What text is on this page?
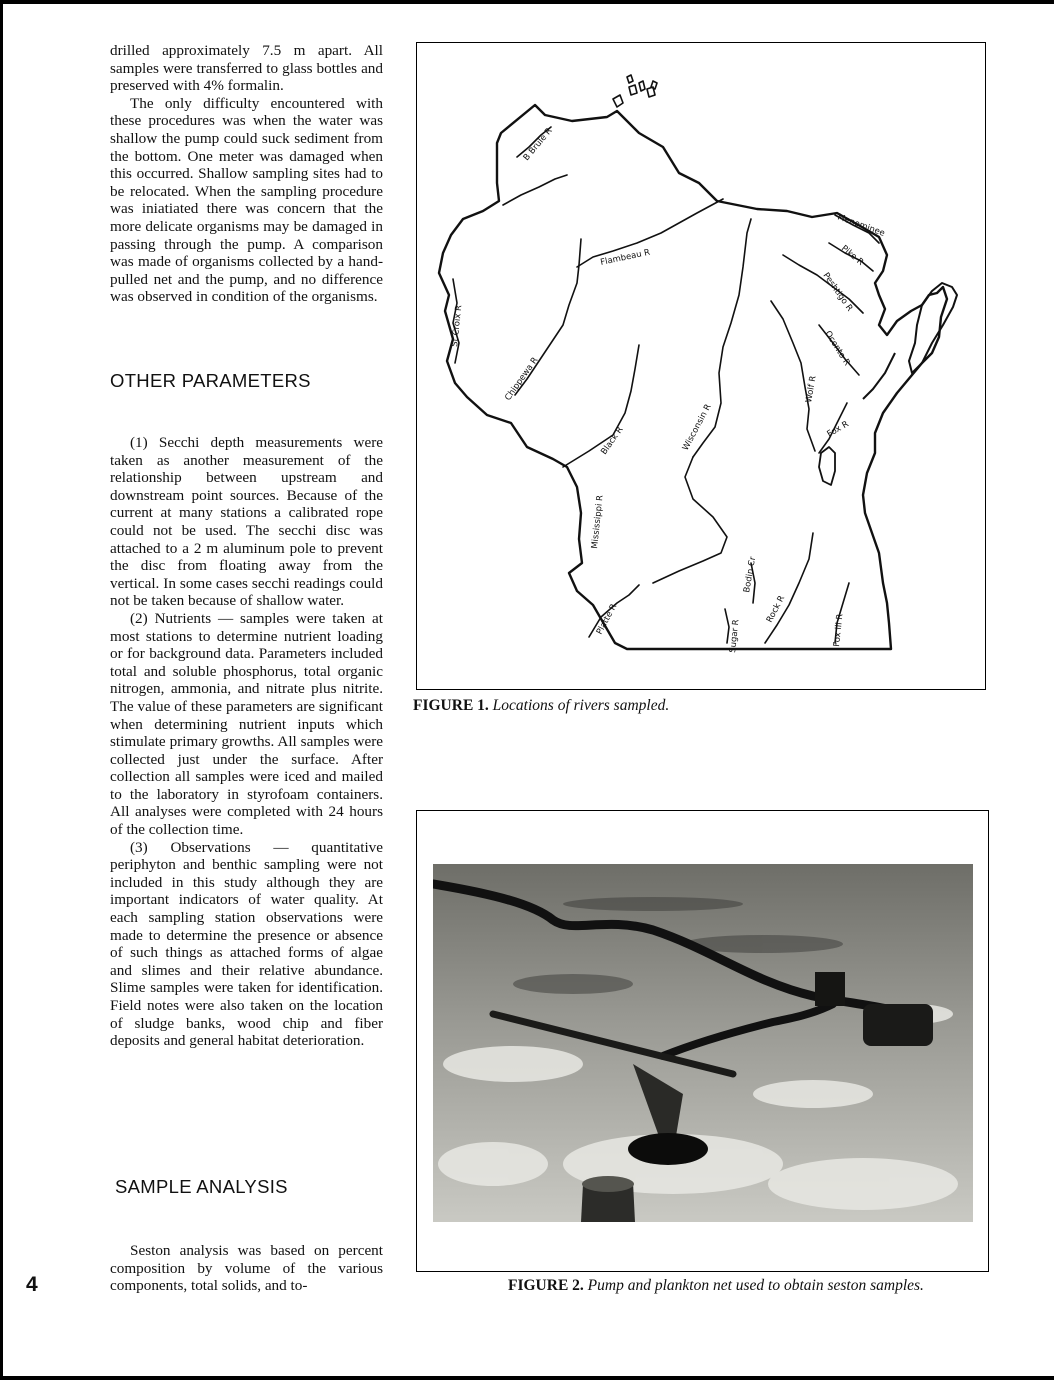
drilled approximately 7.5 m apart. All samples were transferred to glass bottles and preserved with 4% formalin.

The only difficulty encountered with these procedures was when the water was shallow the pump could suck sediment from the bottom. One meter was damaged when this occurred. Shallow sampling sites had to be relocated. When the sampling procedure was iniatiated there was concern that the more delicate organisms may be damaged in passing through the pump. A comparison was made of organisms collected by a hand-pulled net and the pump, and no difference was observed in condition of the organisms.

OTHER PARAMETERS

(1) Secchi depth measurements were taken as another measurement of the relationship between upstream and downstream point sources. Because of the current at many stations a calibrated rope could not be used. The secchi disc was attached to a 2 m aluminum pole to prevent the disc from floating away from the vertical. In some cases secchi readings could not be taken because of shallow water.

(2) Nutrients — samples were taken at most stations to determine nutrient loading or for background data. Parameters included total and soluble phosphorus, total organic nitrogen, ammonia, and nitrate plus nitrite. The value of these parameters are significant when determining nutrient inputs which stimulate primary growths. All samples were collected just under the surface. After collection all samples were iced and mailed to the laboratory in styrofoam containers. All analyses were completed with 24 hours of the collection time.

(3) Observations — quantitative periphyton and benthic sampling were not included in this study although they are important indicators of water quality. At each sampling station observations were made to determine the presence or absence of such things as attached forms of algae and slimes and their relative abundance. Slime samples were taken for identification. Field notes were also taken on the location of sludge banks, wood chip and fiber deposits and general habitat deterioration.

SAMPLE ANALYSIS

Seston analysis was based on percent composition by volume of the various components, total solids, and to-

4
B Brule R
St Croix R
Flambeau R
Chippewa R
Black R	Wisconsin R
Mississippi R
Platte R	Sugar R
Bodin Cr
Rock R
Fox Ill R
Wolf R
Fox R
Oconto R
Peshtigo R
Pike R
Menominee
FIGURE 1. Locations of rivers sampled.
FIGURE 2. Pump and plankton net used to obtain seston samples.
